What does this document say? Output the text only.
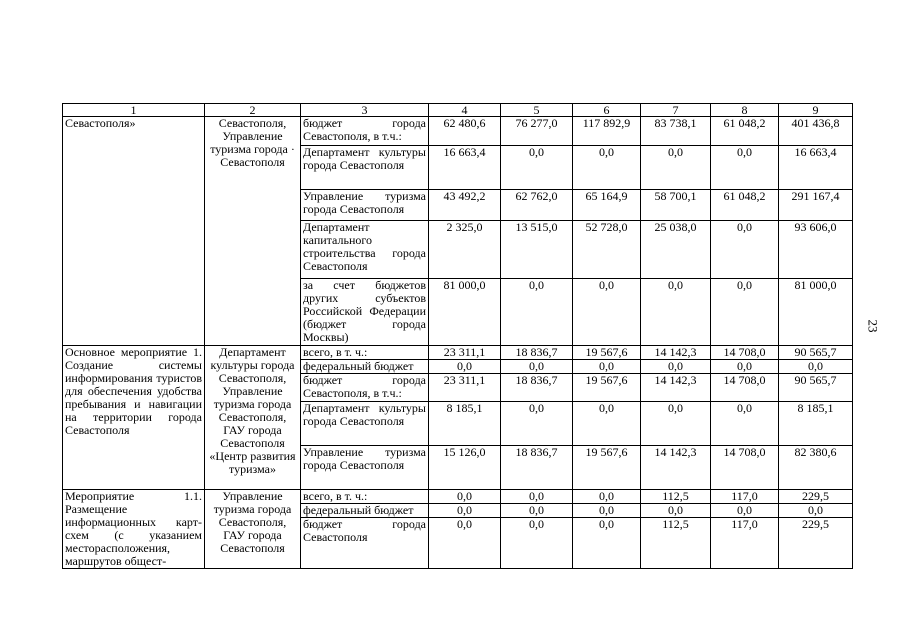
23
1	2	3	4	5	6	7	8	9
Севастополя»	Севастополя, Управление туризма города · Севастополя	бюджет города Севастополя, в т.ч.:	62 480,6	76 277,0	117 892,9	83 738,1	61 048,2	401 436,8
		Департамент культуры города Севастополя	16 663,4	0,0	0,0	0,0	0,0	16 663,4
		Управление туризма города Севастополя	43 492,2	62 762,0	65 164,9	58 700,1	61 048,2	291 167,4
		Департамент капитального строительства города Севастополя	2 325,0	13 515,0	52 728,0	25 038,0	0,0	93 606,0
		за счет бюджетов других субъектов Российской Федерации (бюджет города Москвы)	81 000,0	0,0	0,0	0,0	0,0	81 000,0
Основное мероприятие 1. Создание системы информирования туристов для обеспечения удобства пребывания и навигации на территории города Севастополя	Департамент культуры города Севастополя, Управление туризма города Севастополя, ГАУ города Севастополя «Центр развития туризма»	всего, в т. ч.:	23 311,1	18 836,7	19 567,6	14 142,3	14 708,0	90 565,7
		федеральный бюджет	0,0	0,0	0,0	0,0	0,0	0,0
		бюджет города Севастополя, в т.ч.:	23 311,1	18 836,7	19 567,6	14 142,3	14 708,0	90 565,7
		Департамент культуры города Севастополя	8 185,1	0,0	0,0	0,0	0,0	8 185,1
		Управление туризма города Севастополя	15 126,0	18 836,7	19 567,6	14 142,3	14 708,0	82 380,6
Мероприятие 1.1. Размещение информационных карт-схем (с указанием месторасположения, маршрутов общест-	Управление туризма города Севастополя, ГАУ города Севастополя	всего, в т. ч.:	0,0	0,0	0,0	112,5	117,0	229,5
		федеральный бюджет	0,0	0,0	0,0	0,0	0,0	0,0
		бюджет города Севастополя	0,0	0,0	0,0	112,5	117,0	229,5
